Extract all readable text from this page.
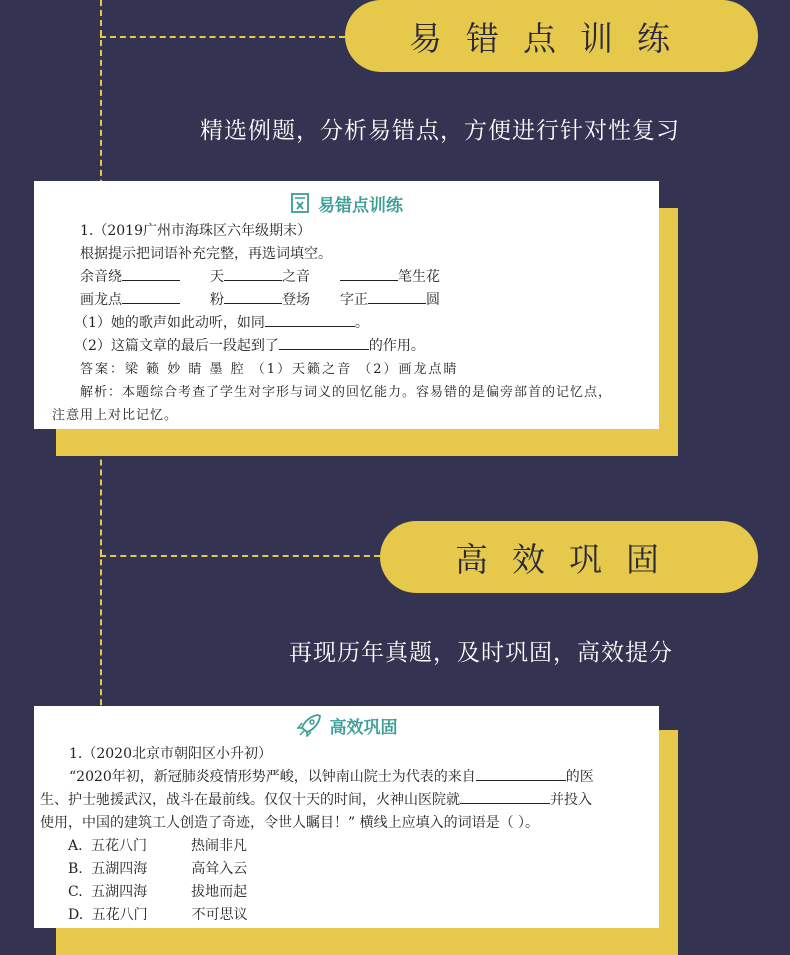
易错点训练
精选例题，分析易错点，方便进行针对性复习
易错点训练
1.（2019广州市海珠区六年级期末）
根据提示把词语补充完整，再选词填空。
余音绕	天	之音	笔生花
画龙点	粉	登场 字正	圆
（1）她的歌声如此动听，如同	。
（2）这篇文章的最后一段起到了	的作用。
答案：梁 籁 妙 睛 墨 腔 （1）天籁之音 （2）画龙点睛
解析：本题综合考查了学生对字形与词义的回忆能力。容易错的是偏旁部首的记忆点，
注意用上对比记忆。
高效巩固
再现历年真题，及时巩固，高效提分
高效巩固
1.（2020北京市朝阳区小升初）
“2020年初，新冠肺炎疫情形势严峻，以钟南山院士为代表的来自	的医
生、护士驰援武汉，战斗在最前线。仅仅十天的时间，火神山医院就	并投入
使用，中国的建筑工人创造了奇迹，令世人瞩目！” 横线上应填入的词语是（ ）。
A. 五花八门	热闹非凡
B. 五湖四海	高耸入云
C. 五湖四海	拔地而起
D. 五花八门	不可思议
